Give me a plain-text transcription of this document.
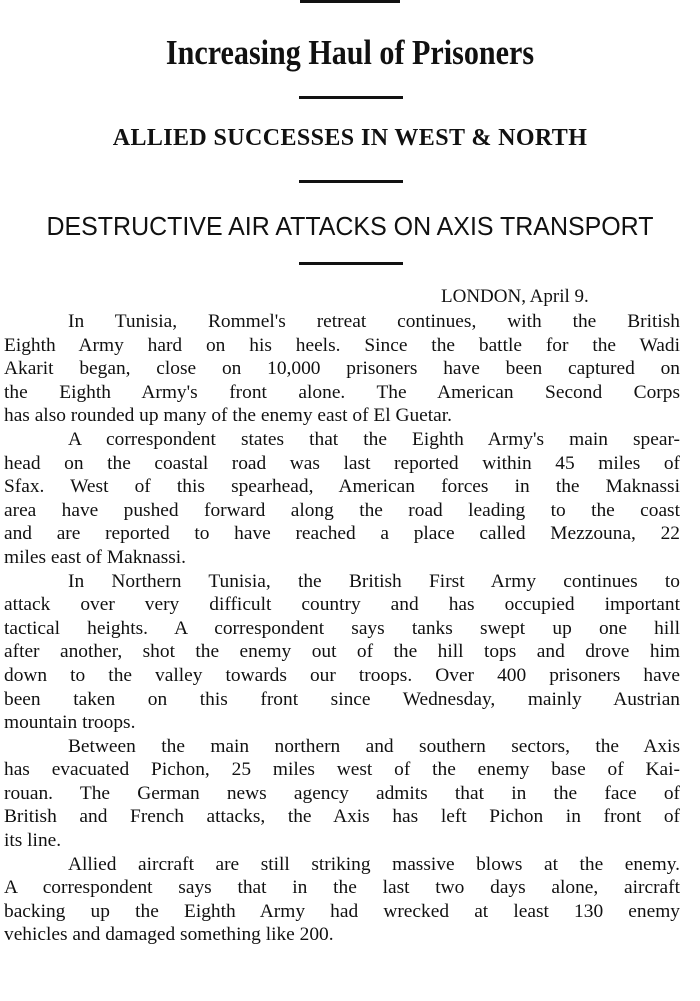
Increasing Haul of Prisoners
ALLIED SUCCESSES IN WEST & NORTH
DESTRUCTIVE AIR ATTACKS ON AXIS TRANSPORT
LONDON, April 9.
In Tunisia, Rommel's retreat continues, with the British
Eighth Army hard on his heels. Since the battle for the Wadi
Akarit began, close on 10,000 prisoners have been captured on
the Eighth Army's front alone. The American Second Corps
has also rounded up many of the enemy east of El Guetar.
A correspondent states that the Eighth Army's main spear-
head on the coastal road was last reported within 45 miles of
Sfax. West of this spearhead, American forces in the Maknassi
area have pushed forward along the road leading to the coast
and are reported to have reached a place called Mezzouna, 22
miles east of Maknassi.
In Northern Tunisia, the British First Army continues to
attack over very difficult country and has occupied important
tactical heights. A correspondent says tanks swept up one hill
after another, shot the enemy out of the hill tops and drove him
down to the valley towards our troops. Over 400 prisoners have
been taken on this front since Wednesday, mainly Austrian
mountain troops.
Between the main northern and southern sectors, the Axis
has evacuated Pichon, 25 miles west of the enemy base of Kai-
rouan. The German news agency admits that in the face of
British and French attacks, the Axis has left Pichon in front of
its line.
Allied aircraft are still striking massive blows at the enemy.
A correspondent says that in the last two days alone, aircraft
backing up the Eighth Army had wrecked at least 130 enemy
vehicles and damaged something like 200.
